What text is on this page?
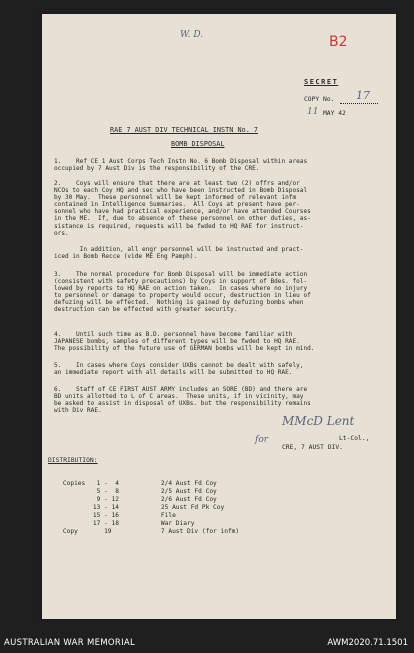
W. D.	B2
SECRET
COPY No. 17
11 MAY 42
RAE 7 AUST DIV TECHNICAL INSTN No. 7
BOMB DISPOSAL
1.    Ref CE 1 Aust Corps Tech Instn No. 6 Bomb Disposal within areas
occupied by 7 Aust Div is the responsibility of the CRE.
2.    Coys will ensure that there are at least two (2) offrs and/or
NCOs to each Coy HQ and sec who have been instructed in Bomb Disposal
by 30 May.  These personnel will be kept informed of relevant infm
contained in Intelligence Summaries.  All Coys at present have per-
sonnel who have had practical experience, and/or have attended Courses
in the ME.  If, due to absence of these personnel on other duties, as-
sistance is required, requests will be fwded to HQ RAE for instruct-
ors.
In addition, all engr personnel will be instructed and pract-
iced in Bomb Recce (vide ME Eng Pamph).
3.    The normal procedure for Bomb Disposal will be immediate action
(consistent with safety precautions) by Coys in support of Bdes. fol-
lowed by reports to HQ RAE on action taken.  In cases where no injury
to personnel or damage to property would occur, destruction in lieu of
defuzing will be effected.  Nothing is gained by defuzing bombs when
destruction can be effected with greater security.
4.    Until such time as B.D. personnel have become familiar with
JAPANESE bombs, samples of different types will be fwded to HQ RAE.
The possibility of the future use of GERMAN bombs will be kept in mind.
5.    In cases where Coys consider UXBs cannot be dealt with safely,
an immediate report with all details will be submitted to HQ RAE.
6.    Staff of CE FIRST AUST ARMY includes an SORE (BD) and there are
BD units allotted to L of C areas.  These units, if in vicinity, may
be asked to assist in disposal of UXBs. but the responsibility remains
with Div RAE.
MMcD Lent
for	Lt-Col.,
CRE, 7 AUST DIV.
DISTRIBUTION:

Copies 1 -  4	2/4 Aust Fd Coy

5 -  8	2/5 Aust Fd Coy

9 - 12	2/6 Aust Fd Coy

13 - 14	25 Aust Fd Pk Coy

15 - 16	File

17 - 18	War Diary

Copy   19	7 Aust Div (for infm)

AUSTRALIAN WAR MEMORIAL	AWM2020.71.1501
